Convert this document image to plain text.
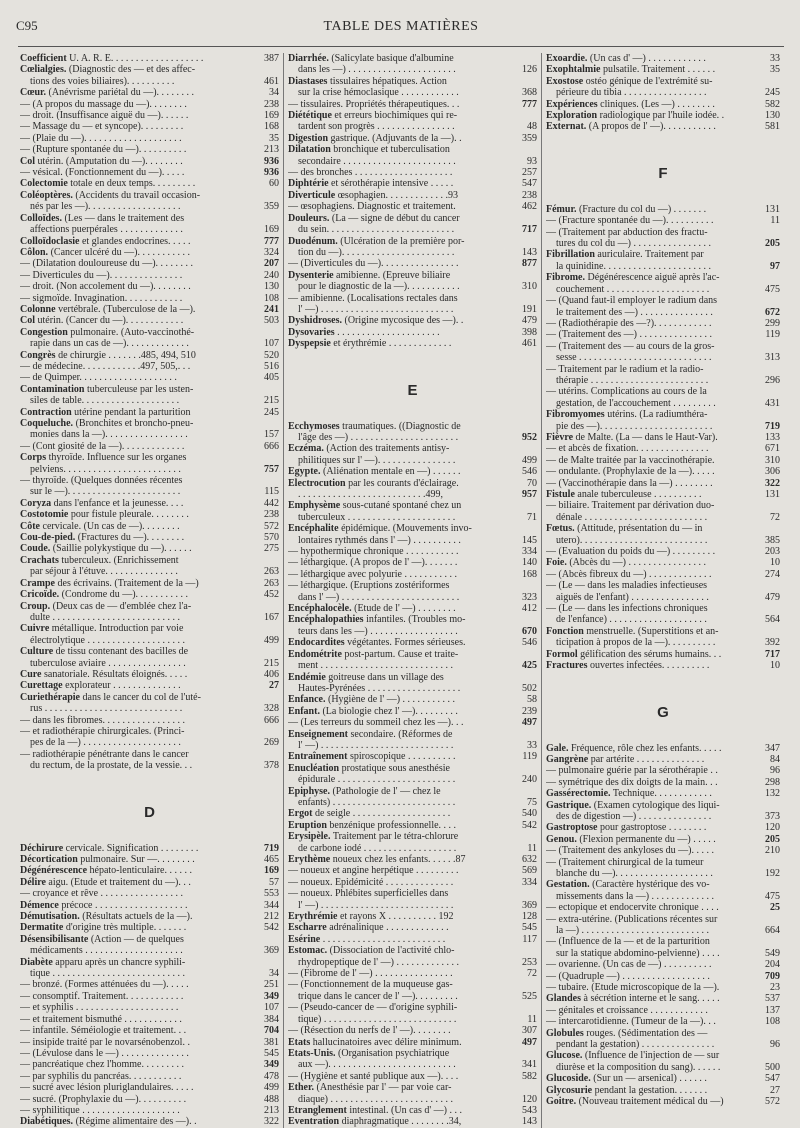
C95	TABLE DES MATIÈRES
Coefficient U. A. R. E. . . . . . . . . . . . . . . . . . .	387
Cœlialgies. (Diagnostic des — et des affec-
tions des voies biliaires). . . . . . . . . .	461
Cœur. (Anévrisme pariétal du —). . . . . . . .	34
— (A propos du massage du —). . . . . . . .	238
— droit. (Insuffisance aiguë du —). . . . . .	169
— Massage du — et syncope). . . . . . . . .	168
— (Plaie du —). . . . . . . . . . . . . . . . . . . .	35
— (Rupture spontanée du —). . . . . . . . . .	213
Col utérin. (Amputation du —). . . . . . . .	936
— vésical. (Fonctionnement du —). . . . .	936
Colectomie totale en deux temps. . . . . . . . .	60
Coléoptères. (Accidents du travail occasion-
nés par les —). . . . . . . . . . . . . . . . . . .	359
Colloïdes. (Les — dans le traitement des
affections puerpérales . . . . . . . . . . . . .	169
Colloïdoclasie et glandes endocrines. . . . .	777
Côlon. (Cancer ulcéré du —). . . . . . . . . . .	324
— (Dilatation douloureuse du —). . . . . . . .	207
— Diverticules du —). . . . . . . . . . . . . . .	240
— droit. (Non accolement du —). . . . . . . .	130
— sigmoïde. Invagination. . . . . . . . . . . .	108
Colonne vertébrale. (Tuberculose de la —).	241
Col utérin. (Cancer du —). . . . . . . . . . . .	503
Congestion pulmonaire. (Auto-vaccinothé-
rapie dans un cas de —). . . . . . . . . . . . .	107
Congrès de chirurgie . . . . . . .485, 494, 510	520
— de médecine. . . . . . . . . . . .497, 505,. . .	516
— de Quimper. . . . . . . . . . . . . . . . . . . .	405
Contamination tuberculeuse par les usten-
siles de table. . . . . . . . . . . . . . . . . . . .	215
Contraction utérine pendant la parturition	245
Coqueluche. (Bronchites et broncho-pneu-
monies dans la —). . . . . . . . . . . . . . . . .	157
— (Cont giosité de la —). . . . . . . . . . . . .	666
Corps thyroïde. Influence sur les organes
pelviens. . . . . . . . . . . . . . . . . . . . . . . .	757
— thyroïde. (Quelques données récentes
sur le —). . . . . . . . . . . . . . . . . . . . . . .	115
Coryza dans l'enfance et la jeunesse. . . .	442
Costotomie pour fistule pleurale. . . . . . . .	238
Côte cervicale. (Un cas de —). . . . . . . .	572
Cou-de-pied. (Fractures du —). . . . . . . .	570
Coude. (Saillie polykystique du —). . . . . .	275
Crachats tuberculeux. (Enrichissement
par séjour à l'étuve. . . . . . . . . . . . . . .	263
Crampe des écrivains. (Traitement de la —)	263
Cricoïde. (Condrome du —). . . . . . . . . . .	452
Croup. (Deux cas de — d'emblée chez l'a-
dulte . . . . . . . . . . . . . . . . . . . . . . . . . .	167
Cuivre métallique. Introduction par voie
électrolytique . . . . . . . . . . . . . . . . . . . .	499
Culture de tissu contenant des bacilles de
tuberculose aviaire . . . . . . . . . . . . . . . .	215
Cure sanatoriale. Résultats éloignés. . . . .	406
Curettage explorateur . . . . . . . . . . . . . .	27
Curiethérapie dans le cancer du col de l'uté-
rus . . . . . . . . . . . . . . . . . . . . . . . . . . . .	328
— dans les fibromes. . . . . . . . . . . . . . . . .	666
— et radiothérapie chirurgicales. (Princi-
pes de la —) . . . . . . . . . . . . . . . . . . . .	269
— radiothérapie pénétrante dans le cancer
du rectum, de la prostate, de la vessie. . .	378
D
Déchirure cervicale. Signification . . . . . . . .	719
Décortication pulmonaire. Sur —. . . . . . . .	465
Dégénérescence hépato-lenticulaire. . . . . .	169
Délire aigu. (Etude et traitement du —). . .	57
— croyance et rêve . . . . . . . . . . . . . . . . .	553
Démence précoce . . . . . . . . . . . . . . . . . . .	344
Démutisation. (Résultats actuels de la —).	212
Dermatite d'origine très multiple. . . . . . .	542
Désensibilisante (Action — de quelques
médicaments . . . . . . . . . . . . . . . . . . . .	369
Diabète apparu après un chancre syphili-
tique . . . . . . . . . . . . . . . . . . . . . . . . . . .	34
— bronzé. (Formes atténuées du —). . . . .	251
— consomptif. Traitement. . . . . . . . . . . .	349
— et syphilis . . . . . . . . . . . . . . . . . . . . .	107
— et traitement bismuthé . . . . . . . . . . . .	384
— infantile. Séméiologie et traitement. . .	704
— insipide traité par le novarsénobenzol. .	381
— (Lévulose dans le —) . . . . . . . . . . . . . .	545
— pancréatique chez l'homme. . . . . . . . .	349
— par syphilis du pancréas. . . . . . . . . . .	478
— sucré avec lésion pluriglandulaires. . . . .	499
— sucré. (Prophylaxie du —). . . . . . . . . .	488
— syphilitique . . . . . . . . . . . . . . . . . . . .	213
Diabétiques. (Régime alimentaire des —). .	322
Diarrhée. (Salicylate basique d'albumine
dans les —) . . . . . . . . . . . . . . . . . . . . . .	126
Diastases tissulaires hépatiques. Action
sur la crise hémoclasique . . . . . . . . . . . .	368
— tissulaires. Propriétés thérapeutiques. . .	777
Diététique et erreurs biochimiques qui re-
tardent son progrès . . . . . . . . . . . . . . . .	48
Digestion gastrique. (Adjuvants de la —). .	359
Dilatation bronchique et tuberculisation
secondaire . . . . . . . . . . . . . . . . . . . . . . .	93
— des bronches . . . . . . . . . . . . . . . . . . . .	257
Diphtérie et sérothérapie intensive . . . . .	547
Diverticule œsophagien. . . . . . . . . . . . .93	238
— œsophagiens. Diagnostic et traitement.	462
Douleurs. (La — signe de début du cancer
du sein. . . . . . . . . . . . . . . . . . . . . . . . . .	717
Duodénum. (Ulcération de la première por-
tion du —). . . . . . . . . . . . . . . . . . . . . . .	143
— (Diverticules du —). . . . . . . . . . . . . . . .	877
Dysenterie amibienne. (Epreuve biliaire
pour le diagnostic de la —). . . . . . . . . . .	310
— amibienne. (Localisations rectales dans
l' —) . . . . . . . . . . . . . . . . . . . . . . . . . . .	191
Dyshidroses. (Origine mycosique des —). .	479
Dysovaries . . . . . . . . . . . . . . . . . . . . .	398
Dyspepsie et érythrémie . . . . . . . . . . . . .	461
E
Ecchymoses traumatiques. ((Diagnostic de
l'âge des —) . . . . . . . . . . . . . . . . . . . . . .	952
Eczéma. (Action des traitements antisy-
philitiques sur l' —). . . . . . . . . . . . . . . .	499
Egypte. (Aliénation mentale en —) . . . . . .	546
Electrocution par les courants d'éclairage.	70
. . . . . . . . . . . . . . . . . . . . . . . . . .499,	957
Emphysème sous-cutané spontané chez un
tuberculeux . . . . . . . . . . . . . . . . . . . . . .	71
Encéphalite épidémique. (Mouvements invo-
lontaires rythmés dans l' —) . . . . . . . . . .	145
— hypothermique chronique . . . . . . . . . . .	334
— léthargique. (A propos de l' —). . . . . . .	140
— léthargique avec polyurie . . . . . . . . . . .	168
— léthargique. (Eruptions zostériformes
dans l' —) . . . . . . . . . . . . . . . . . . . . . . . .	323
Encéphalocèle. (Etude de l' —) . . . . . . . .	412
Encéphalopathies infantiles. (Troubles mo-
teurs dans les —) . . . . . . . . . . . . . . . . . .	670
Endocardites végétantes. Formes sérieuses.	546
Endométrite post-partum. Cause et traite-
ment . . . . . . . . . . . . . . . . . . . . . . . . . . .	425
Endémie goitreuse dans un village des
Hautes-Pyrénées . . . . . . . . . . . . . . . . . . .	502
Enfance. (Hygiène de l' —) . . . . . . . . . . .	58
Enfant. (La biologie chez l' —). . . . . . . . .	239
— (Les terreurs du sommeil chez les —). . .	497
Enseignement secondaire. (Réformes de
l' —) . . . . . . . . . . . . . . . . . . . . . . . . . . .	33
Entraînement spiroscopique . . . . . . . . . .	119
Enucléation prostatique sous anesthésie
épidurale . . . . . . . . . . . . . . . . . . . . . . . .	240
Epiphyse. (Pathologie de l' — chez le
enfants) . . . . . . . . . . . . . . . . . . . . . . . . .	75
Ergot de seigle . . . . . . . . . . . . . . . . . . . .	540
Eruption benzénique professionnelle. . . .	542
Erysipèle. Traitement par le tétra-chlorure
de carbone iodé . . . . . . . . . . . . . . . . . . .	11
Erythème noueux chez les enfants. . . . . .87	632
— noueux et angine herpétique . . . . . . . . .	569
— noueux. Epidémicité . . . . . . . . . . . . . .	334
— noueux. Phlébites superficielles dans
l' —) . . . . . . . . . . . . . . . . . . . . . . . . . . .	369
Erythrémie et rayons X . . . . . . . . . . 192	128
Escharre adrénalinique . . . . . . . . . . . . .	545
Esérine . . . . . . . . . . . . . . . . . . . . . . . . .	117
Estomac. (Dissociation de l'activité chlo-
rhydropeptique de l' —) . . . . . . . . . . . . .	253
— (Fibrome de l' —) . . . . . . . . . . . . . . . .	72
— (Fonctionnement de la muqueuse gas-
trique dans le cancer de l' —). . . . . . . . .	525
— (Pseudo-cancer de — d'origine syphili-
tique) . . . . . . . . . . . . . . . . . . . . . . . . . . .	11
— (Résection du nerfs de l' —). . . . . . . .	307
Etats hallucinatoires avec délire minimum.	497
Etats-Unis. (Organisation psychiatrique
aux —). . . . . . . . . . . . . . . . . . . . . . . . . .	341
— (Hygiène et santé publique aux —). . . .	582
Ether. (Anesthésie par l' — par voie car-
diaque) . . . . . . . . . . . . . . . . . . . . . . . . .	120
Etranglement intestinal. (Un cas d' —) . . .	543
Eventration diaphragmatique . . . . . . . .34,	143
Exoardie. (Un cas d' —) . . . . . . . . . . . .	33
Exophtalmie pulsatile. Traitement . . . . . .	35
Exostose ostéo génique de l'extrémité su-
périeure du tibia . . . . . . . . . . . . . . . . .	245
Expériences cliniques. (Les —) . . . . . . . .	582
Exploration radiologique par l'huile iodée. .	130
Externat. (A propos de l' —). . . . . . . . . . .	581
F
Fémur. (Fracture du col du —) . . . . . . .	131
— (Fracture spontanée du —). . . . . . . . . .	11
— (Traitement par abduction des fractu-
tures du col du —) . . . . . . . . . . . . . . . .	205
Fibrillation auriculaire. Traitement par
la quinidine. . . . . . . . . . . . . . . . . . . . . .	97
Fibrome. Dégénérescence aiguë après l'ac-
couchement . . . . . . . . . . . . . . . . . . . . .	475
— (Quand faut-il employer le radium dans
le traitement des —) . . . . . . . . . . . . . . .	672
— (Radiothérapie des —?). . . . . . . . . . . .	299
— (Traitement des —) . . . . . . . . . . . . . . .	119
— (Traitement des — au cours de la gros-
sesse . . . . . . . . . . . . . . . . . . . . . . . . . . .	313
— Traitement par le radium et la radio-
thérapie . . . . . . . . . . . . . . . . . . . . . . . .	296
— utérins. Complications au cours de la
gestation, de l'accouchement . . . . . . . . .	431
Fibromyomes utérins. (La radiumthéra-
pie des —). . . . . . . . . . . . . . . . . . . . . . .	719
Fièvre de Malte. (La — dans le Haut-Var).	133
— et abcès de fixation. . . . . . . . . . . . . . .	671
— de Malte traitée par la vaccinothérapie.	310
— ondulante. (Prophylaxie de la —). . . . .	306
— (Vaccinothérapie dans la —) . . . . . . . .	322
Fistule anale tuberculeuse . . . . . . . . . .	131
— biliaire. Traitement par dérivation duo-
dénale . . . . . . . . . . . . . . . . . . . . . . . . .	72
Fœtus. (Attitude, présentation du — in
utero). . . . . . . . . . . . . . . . . . . . . . . . . .	385
— (Evaluation du poids du —) . . . . . . . . .	203
Foie. (Abcès du —) . . . . . . . . . . . . . . . .	10
— (Abcès fibreux du —) . . . . . . . . . . . . .	274
— (Le — dans les maladies infectieuses
aiguës de l'enfant) . . . . . . . . . . . . . . . .	479
— (Le — dans les infections chroniques
de l'enfance) . . . . . . . . . . . . . . . . . . . .	564
Fonction menstruelle. (Superstitions et an-
ticipation à propos de la —). . . . . . . . . .	392
Formol gélification des sérums humains. . .	717
Fractures ouvertes infectées. . . . . . . . . .	10
G
Gale. Fréquence, rôle chez les enfants. . . . .	347
Gangrène par artérite . . . . . . . . . . . . . .	84
— pulmonaire guérie par la sérothérapie . .	96
— symétrique des dix doigts de la main. . .	298
Gassérectomie. Technique. . . . . . . . . . . .	132
Gastrique. (Examen cytologique des liqui-
des de digestion —) . . . . . . . . . . . . . . .	373
Gastroptose pour gastroptose . . . . . . . .	120
Genou. (Flexion permanente du —) . . . . .	205
— (Traitement des ankyloses du —). . . . .	210
— (Traitement chirurgical de la tumeur
blanche du —). . . . . . . . . . . . . . . . . . . .	192
Gestation. (Caractère hystérique des vo-
missements dans la —) . . . . . . . . . . . . .	475
— ectopique et endocervite chronique . . . .	25
— extra-utérine. (Publications récentes sur
la —) . . . . . . . . . . . . . . . . . . . . . . . . . .	664
— (Influence de la — et de la parturition
sur la statique abdomino-pelvienne) . . . .	549
— ovarienne. (Un cas de —) . . . . . . . . . .	204
— (Quadruple —) . . . . . . . . . . . . . . . . . .	709
— tubaire. (Etude microscopique de la —).	23
Glandes à sécrétion interne et le sang. . . . .	537
— génitales et croissance . . . . . . . . . . . .	137
— intercarotidienne. (Tumeur de la —). . .	108
Globules rouges. (Sédimentation des —
pendant la gestation) . . . . . . . . . . . . . . .	96
Glucose. (Influence de l'injection de — sur
diurèse et la composition du sang). . . . . .	500
Glucoside. (Sur un — arsenical) . . . . . .	547
Glycosurie pendant la gestation. . . . . . .	27
Goitre. (Nouveau traitement médical du —)	572
